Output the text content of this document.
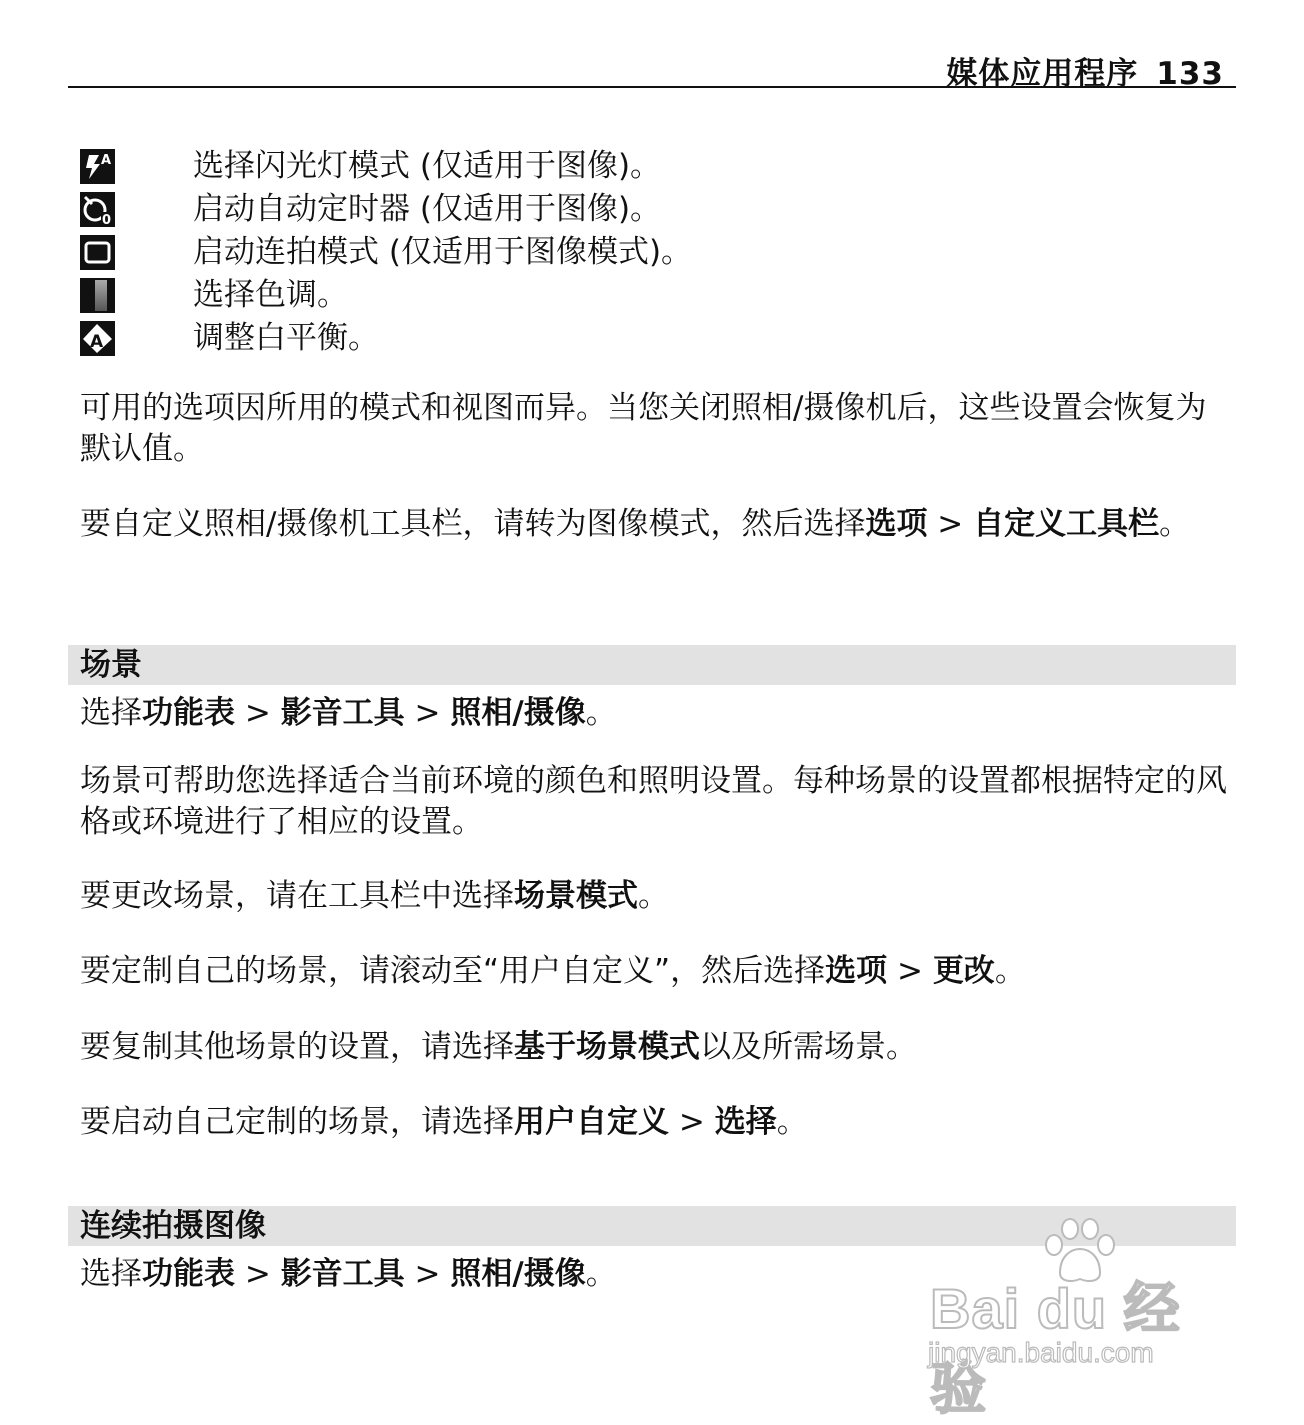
媒体应用程序 133
A	选择闪光灯模式 (仅适用于图像)。
0	启动自动定时器 (仅适用于图像)。
启动连拍模式 (仅适用于图像模式)。
选择色调。
A	调整白平衡。
可用的选项因所用的模式和视图而异。当您关闭照相/摄像机后，这些设置会恢复为默认值。
要自定义照相/摄像机工具栏，请转为图像模式，然后选择选项 > 自定义工具栏。
场景
选择功能表 > 影音工具 > 照相/摄像。
场景可帮助您选择适合当前环境的颜色和照明设置。每种场景的设置都根据特定的风格或环境进行了相应的设置。
要更改场景，请在工具栏中选择场景模式。
要定制自己的场景，请滚动至“用户自定义”，然后选择选项 > 更改。
要复制其他场景的设置，请选择基于场景模式以及所需场景。
要启动自己定制的场景，请选择用户自定义 > 选择。
连续拍摄图像
选择功能表 > 影音工具 > 照相/摄像。
Bai du 经验
jingyan.baidu.com
